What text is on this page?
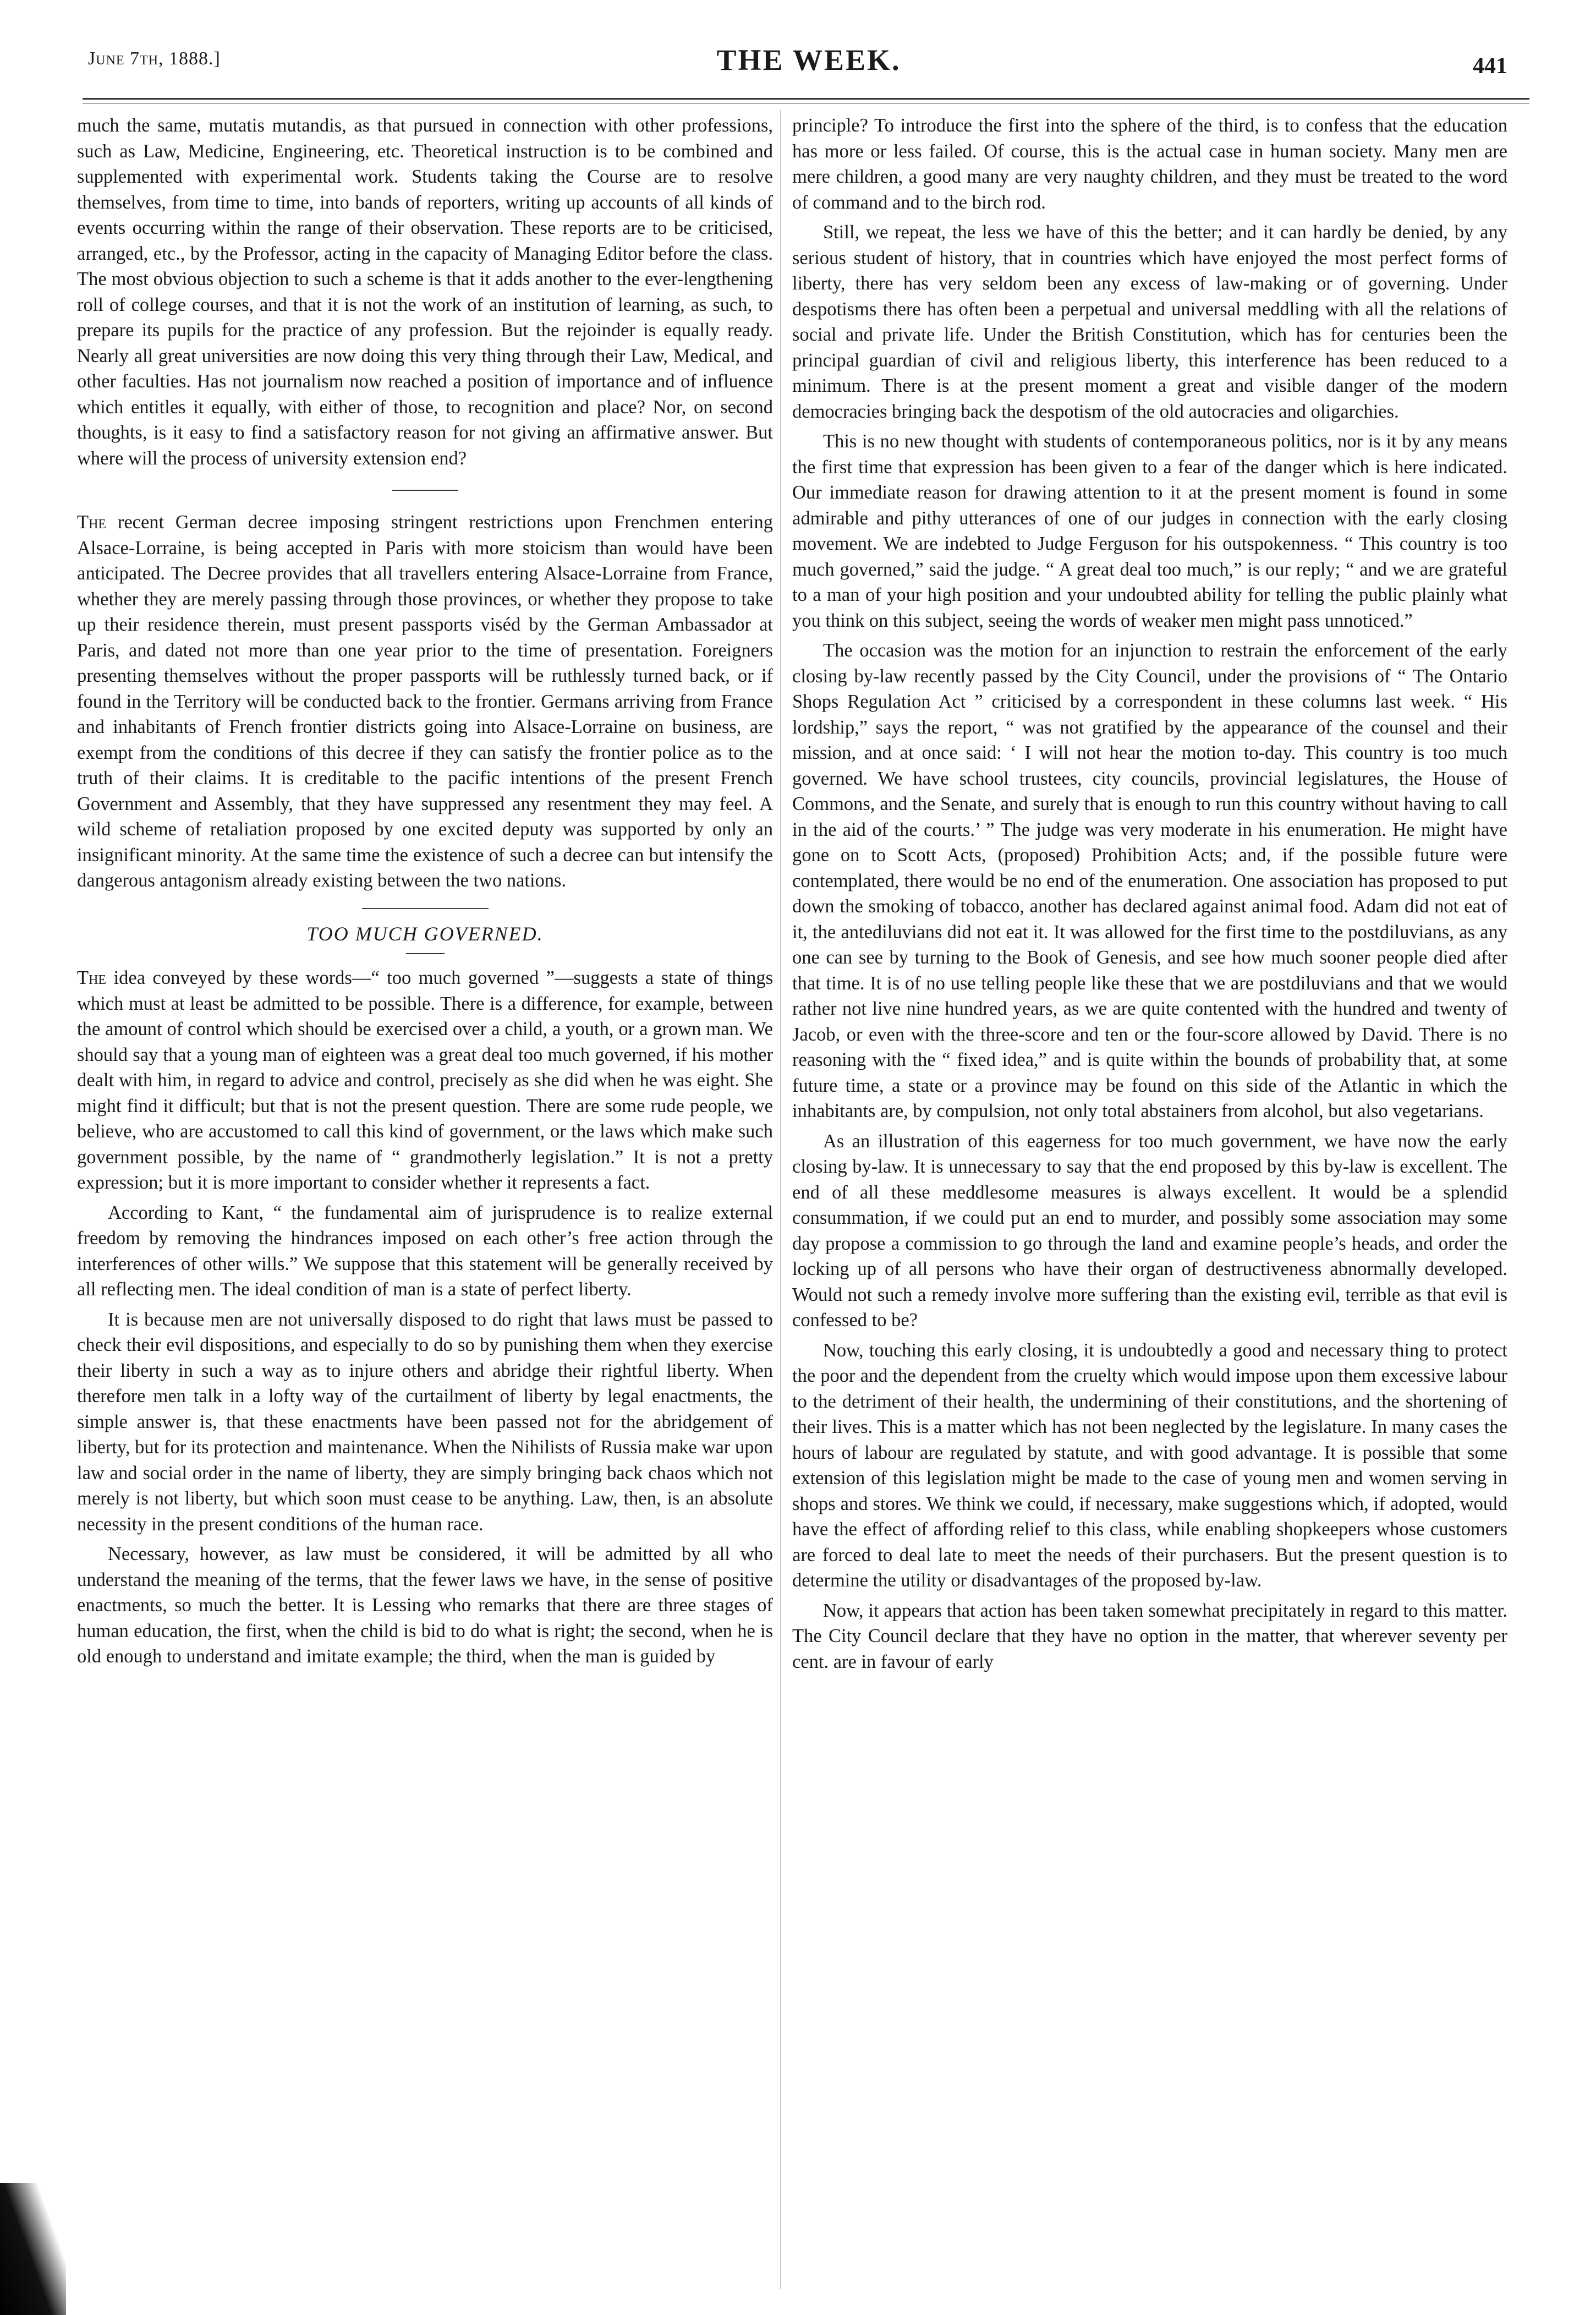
June 7th, 1888.]	THE WEEK.	441

much the same, mutatis mutandis, as that pursued in connection with other professions, such as Law, Medicine, Engineering, etc. Theoretical instruction is to be combined and supplemented with experimental work. Students taking the Course are to resolve themselves, from time to time, into bands of reporters, writing up accounts of all kinds of events occurring within the range of their observation. These reports are to be criticised, arranged, etc., by the Professor, acting in the capacity of Managing Editor before the class. The most obvious objection to such a scheme is that it adds another to the ever-lengthening roll of college courses, and that it is not the work of an institution of learning, as such, to prepare its pupils for the practice of any profession. But the rejoinder is equally ready. Nearly all great universities are now doing this very thing through their Law, Medical, and other faculties. Has not journalism now reached a position of importance and of influence which entitles it equally, with either of those, to recognition and place? Nor, on second thoughts, is it easy to find a satisfactory reason for not giving an affirmative answer. But where will the process of university extension end?

The recent German decree imposing stringent restrictions upon Frenchmen entering Alsace-Lorraine, is being accepted in Paris with more stoicism than would have been anticipated. The Decree provides that all travellers entering Alsace-Lorraine from France, whether they are merely passing through those provinces, or whether they propose to take up their residence therein, must present passports viséd by the German Ambassador at Paris, and dated not more than one year prior to the time of presentation. Foreigners presenting themselves without the proper passports will be ruthlessly turned back, or if found in the Territory will be conducted back to the frontier. Germans arriving from France and inhabitants of French frontier districts going into Alsace-Lorraine on business, are exempt from the conditions of this decree if they can satisfy the frontier police as to the truth of their claims. It is creditable to the pacific intentions of the present French Government and Assembly, that they have suppressed any resentment they may feel. A wild scheme of retaliation proposed by one excited deputy was supported by only an insignificant minority. At the same time the existence of such a decree can but intensify the dangerous antagonism already existing between the two nations.

TOO MUCH GOVERNED.

The idea conveyed by these words—“ too much governed ”—suggests a state of things which must at least be admitted to be possible. There is a difference, for example, between the amount of control which should be exercised over a child, a youth, or a grown man. We should say that a young man of eighteen was a great deal too much governed, if his mother dealt with him, in regard to advice and control, precisely as she did when he was eight. She might find it difficult; but that is not the present question. There are some rude people, we believe, who are accustomed to call this kind of government, or the laws which make such government possible, by the name of “ grandmotherly legislation.” It is not a pretty expression; but it is more important to consider whether it represents a fact.

According to Kant, “ the fundamental aim of jurisprudence is to realize external freedom by removing the hindrances imposed on each other’s free action through the interferences of other wills.” We suppose that this statement will be generally received by all reflecting men. The ideal condition of man is a state of perfect liberty.

It is because men are not universally disposed to do right that laws must be passed to check their evil dispositions, and especially to do so by punishing them when they exercise their liberty in such a way as to injure others and abridge their rightful liberty. When therefore men talk in a lofty way of the curtailment of liberty by legal enactments, the simple answer is, that these enactments have been passed not for the abridgement of liberty, but for its protection and maintenance. When the Nihilists of Russia make war upon law and social order in the name of liberty, they are simply bringing back chaos which not merely is not liberty, but which soon must cease to be anything. Law, then, is an absolute necessity in the present conditions of the human race.

Necessary, however, as law must be considered, it will be admitted by all who understand the meaning of the terms, that the fewer laws we have, in the sense of positive enactments, so much the better. It is Lessing who remarks that there are three stages of human education, the first, when the child is bid to do what is right; the second, when he is old enough to understand and imitate example; the third, when the man is guided by

principle? To introduce the first into the sphere of the third, is to confess that the education has more or less failed. Of course, this is the actual case in human society. Many men are mere children, a good many are very naughty children, and they must be treated to the word of command and to the birch rod.

Still, we repeat, the less we have of this the better; and it can hardly be denied, by any serious student of history, that in countries which have enjoyed the most perfect forms of liberty, there has very seldom been any excess of law-making or of governing. Under despotisms there has often been a perpetual and universal meddling with all the relations of social and private life. Under the British Constitution, which has for centuries been the principal guardian of civil and religious liberty, this interference has been reduced to a minimum. There is at the present moment a great and visible danger of the modern democracies bringing back the despotism of the old autocracies and oligarchies.

This is no new thought with students of contemporaneous politics, nor is it by any means the first time that expression has been given to a fear of the danger which is here indicated. Our immediate reason for drawing attention to it at the present moment is found in some admirable and pithy utterances of one of our judges in connection with the early closing movement. We are indebted to Judge Ferguson for his outspokenness. “ This country is too much governed,” said the judge. “ A great deal too much,” is our reply; “ and we are grateful to a man of your high position and your undoubted ability for telling the public plainly what you think on this subject, seeing the words of weaker men might pass unnoticed.”

The occasion was the motion for an injunction to restrain the enforcement of the early closing by-law recently passed by the City Council, under the provisions of “ The Ontario Shops Regulation Act ” criticised by a correspondent in these columns last week. “ His lordship,” says the report, “ was not gratified by the appearance of the counsel and their mission, and at once said: ‘ I will not hear the motion to-day. This country is too much governed. We have school trustees, city councils, provincial legislatures, the House of Commons, and the Senate, and surely that is enough to run this country without having to call in the aid of the courts.’ ” The judge was very moderate in his enumeration. He might have gone on to Scott Acts, (proposed) Prohibition Acts; and, if the possible future were contemplated, there would be no end of the enumeration. One association has proposed to put down the smoking of tobacco, another has declared against animal food. Adam did not eat of it, the antediluvians did not eat it. It was allowed for the first time to the postdiluvians, as any one can see by turning to the Book of Genesis, and see how much sooner people died after that time. It is of no use telling people like these that we are postdiluvians and that we would rather not live nine hundred years, as we are quite contented with the hundred and twenty of Jacob, or even with the three-score and ten or the four-score allowed by David. There is no reasoning with the “ fixed idea,” and is quite within the bounds of probability that, at some future time, a state or a province may be found on this side of the Atlantic in which the inhabitants are, by compulsion, not only total abstainers from alcohol, but also vegetarians.

As an illustration of this eagerness for too much government, we have now the early closing by-law. It is unnecessary to say that the end proposed by this by-law is excellent. The end of all these meddlesome measures is always excellent. It would be a splendid consummation, if we could put an end to murder, and possibly some association may some day propose a commission to go through the land and examine people’s heads, and order the locking up of all persons who have their organ of destructiveness abnormally developed. Would not such a remedy involve more suffering than the existing evil, terrible as that evil is confessed to be?

Now, touching this early closing, it is undoubtedly a good and necessary thing to protect the poor and the dependent from the cruelty which would impose upon them excessive labour to the detriment of their health, the undermining of their constitutions, and the shortening of their lives. This is a matter which has not been neglected by the legislature. In many cases the hours of labour are regulated by statute, and with good advantage. It is possible that some extension of this legislation might be made to the case of young men and women serving in shops and stores. We think we could, if necessary, make suggestions which, if adopted, would have the effect of affording relief to this class, while enabling shopkeepers whose customers are forced to deal late to meet the needs of their purchasers. But the present question is to determine the utility or disadvantages of the proposed by-law.

Now, it appears that action has been taken somewhat precipitately in regard to this matter. The City Council declare that they have no option in the matter, that wherever seventy per cent. are in favour of early
